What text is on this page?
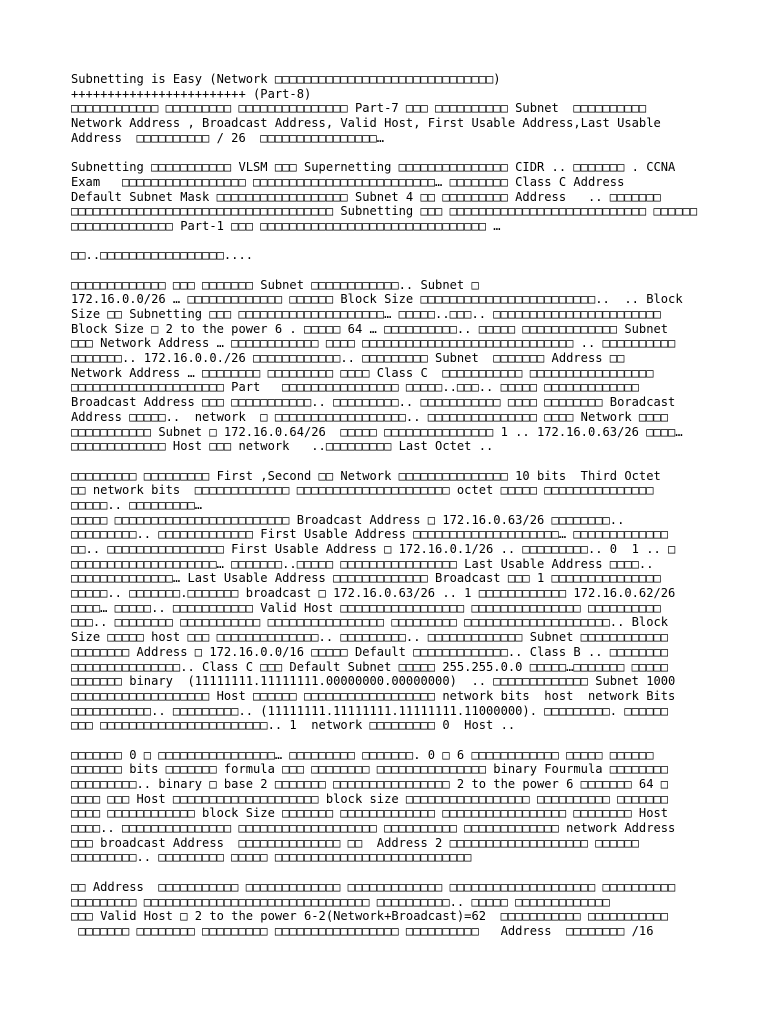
Subnetting is Easy (Network □□□□□□□□□□□□□□□□□□□□□□□□□□□□□□)
++++++++++++++++++++++++ (Part-8)
□□□□□□□□□□□□ □□□□□□□□□ □□□□□□□□□□□□□□□ Part-7 □□□ □□□□□□□□□□ Subnet  □□□□□□□□□□
Network Address , Broadcast Address, Valid Host, First Usable Address,Last Usable
Address  □□□□□□□□□□ / 26  □□□□□□□□□□□□□□□□…
Subnetting □□□□□□□□□□□ VLSM □□□ Supernetting □□□□□□□□□□□□□□□ CIDR .. □□□□□□□ . CCNA
Exam   □□□□□□□□□□□□□□□□□ □□□□□□□□□□□□□□□□□□□□□□□□□… □□□□□□□□ Class C Address
Default Subnet Mask □□□□□□□□□□□□□□□□□□ Subnet 4 □□ □□□□□□□□□ Address   .. □□□□□□□
□□□□□□□□□□□□□□□□□□□□□□□□□□□□□□□□□□□□ Subnetting □□□ □□□□□□□□□□□□□□□□□□□□□□□□□□□ □□□□□□
□□□□□□□□□□□□□□ Part-1 □□□ □□□□□□□□□□□□□□□□□□□□□□□□□□□□□□□ …
□□..□□□□□□□□□□□□□□□□□....
□□□□□□□□□□□□□ □□□ □□□□□□□ Subnet □□□□□□□□□□□□.. Subnet □
172.16.0.0/26 … □□□□□□□□□□□□□ □□□□□□ Block Size □□□□□□□□□□□□□□□□□□□□□□□□..  .. Block
Size □□ Subnetting □□□ □□□□□□□□□□□□□□□□□□□□… □□□□□..□□□.. □□□□□□□□□□□□□□□□□□□□□□□
Block Size □ 2 to the power 6 . □□□□□ 64 … □□□□□□□□□□.. □□□□□ □□□□□□□□□□□□□ Subnet
□□□ Network Address … □□□□□□□□□□□□ □□□□ □□□□□□□□□□□□□□□□□□□□□□□□□□□□□ .. □□□□□□□□□□
□□□□□□□.. 172.16.0.0./26 □□□□□□□□□□□□.. □□□□□□□□□ Subnet  □□□□□□□ Address □□
Network Address … □□□□□□□□ □□□□□□□□□ □□□□ Class C  □□□□□□□□□□□ □□□□□□□□□□□□□□□□□
□□□□□□□□□□□□□□□□□□□□□ Part   □□□□□□□□□□□□□□□□ □□□□□..□□□.. □□□□□ □□□□□□□□□□□□□
Broadcast Address □□□ □□□□□□□□□□□.. □□□□□□□□□.. □□□□□□□□□□□ □□□□ □□□□□□□□ Boradcast
Address □□□□□..  network  □ □□□□□□□□□□□□□□□□□□.. □□□□□□□□□□□□□□□ □□□□ Network □□□□
□□□□□□□□□□□ Subnet □ 172.16.0.64/26  □□□□□ □□□□□□□□□□□□□□□ 1 .. 172.16.0.63/26 □□□□…
□□□□□□□□□□□□□ Host □□□ network   ..□□□□□□□□□ Last Octet ..
□□□□□□□□□ □□□□□□□□□ First ,Second □□ Network □□□□□□□□□□□□□□□ 10 bits  Third Octet
□□ network bits  □□□□□□□□□□□□□ □□□□□□□□□□□□□□□□□□□□□ octet □□□□□ □□□□□□□□□□□□□□□
□□□□□.. □□□□□□□□□…
□□□□□ □□□□□□□□□□□□□□□□□□□□□□□□ Broadcast Address □ 172.16.0.63/26 □□□□□□□□..
□□□□□□□□□.. □□□□□□□□□□□□□ First Usable Address □□□□□□□□□□□□□□□□□□□□… □□□□□□□□□□□□□
□□.. □□□□□□□□□□□□□□□□ First Usable Address □ 172.16.0.1/26 .. □□□□□□□□□.. 0  1 .. □
□□□□□□□□□□□□□□□□□□□□… □□□□□□□..□□□□□ □□□□□□□□□□□□□□□□ Last Usable Address □□□□..
□□□□□□□□□□□□□□… Last Usable Address □□□□□□□□□□□□□ Broadcast □□□ 1 □□□□□□□□□□□□□□□
□□□□□.. □□□□□□□.□□□□□□□ broadcast □ 172.16.0.63/26 .. 1 □□□□□□□□□□□□ 172.16.0.62/26
□□□□… □□□□□.. □□□□□□□□□□□ Valid Host □□□□□□□□□□□□□□□□□ □□□□□□□□□□□□□□□ □□□□□□□□□□
□□□.. □□□□□□□□ □□□□□□□□□□□ □□□□□□□□□□□□□□□□ □□□□□□□□□ □□□□□□□□□□□□□□□□□□□□.. Block
Size □□□□□ host □□□ □□□□□□□□□□□□□□.. □□□□□□□□□.. □□□□□□□□□□□□□ Subnet □□□□□□□□□□□□
□□□□□□□□ Address □ 172.16.0.0/16 □□□□□ Default □□□□□□□□□□□□□.. Class B .. □□□□□□□□
□□□□□□□□□□□□□□□.. Class C □□□ Default Subnet □□□□□ 255.255.0.0 □□□□□…□□□□□□□ □□□□□
□□□□□□□ binary  (11111111.11111111.00000000.00000000)  .. □□□□□□□□□□□□□ Subnet 1000
□□□□□□□□□□□□□□□□□□□ Host □□□□□□ □□□□□□□□□□□□□□□□□□ network bits  host  network Bits
□□□□□□□□□□□.. □□□□□□□□□.. (11111111.11111111.11111111.11000000). □□□□□□□□□. □□□□□□
□□□ □□□□□□□□□□□□□□□□□□□□□□□.. 1  network □□□□□□□□□ 0  Host ..
□□□□□□□ 0 □ □□□□□□□□□□□□□□□□… □□□□□□□□□ □□□□□□□. 0 □ 6 □□□□□□□□□□□□ □□□□□ □□□□□□
□□□□□□□ bits □□□□□□□ formula □□□ □□□□□□□□ □□□□□□□□□□□□□□□ binary Fourmula □□□□□□□□
□□□□□□□□□.. binary □ base 2 □□□□□□□ □□□□□□□□□□□□□□□□ 2 to the power 6 □□□□□□□ 64 □
□□□□ □□□ Host □□□□□□□□□□□□□□□□□□□□ block size □□□□□□□□□□□□□□□□□ □□□□□□□□□□ □□□□□□□
□□□□ □□□□□□□□□□□□ block Size □□□□□□□ □□□□□□□□□□□□□ □□□□□□□□□□□□□□□□□ □□□□□□□□ Host
□□□□.. □□□□□□□□□□□□□□□ □□□□□□□□□□□□□□□□□□□ □□□□□□□□□□ □□□□□□□□□□□□□ network Address
□□□ broadcast Address  □□□□□□□□□□□□□□ □□  Address 2 □□□□□□□□□□□□□□□□□□□ □□□□□□
□□□□□□□□□.. □□□□□□□□□ □□□□□ □□□□□□□□□□□□□□□□□□□□□□□□□□□
□□ Address  □□□□□□□□□□□ □□□□□□□□□□□□□ □□□□□□□□□□□□□ □□□□□□□□□□□□□□□□□□□□ □□□□□□□□□□
□□□□□□□□□ □□□□□□□□□□□□□□□□□□□□□□□□□□□□□□□ □□□□□□□□□□.. □□□□□ □□□□□□□□□□□□□
□□□ Valid Host □ 2 to the power 6-2(Network+Broadcast)=62  □□□□□□□□□□□ □□□□□□□□□□□
□□□□□□□ □□□□□□□□ □□□□□□□□□ □□□□□□□□□□□□□□□□□ □□□□□□□□□□   Address  □□□□□□□□ /16
